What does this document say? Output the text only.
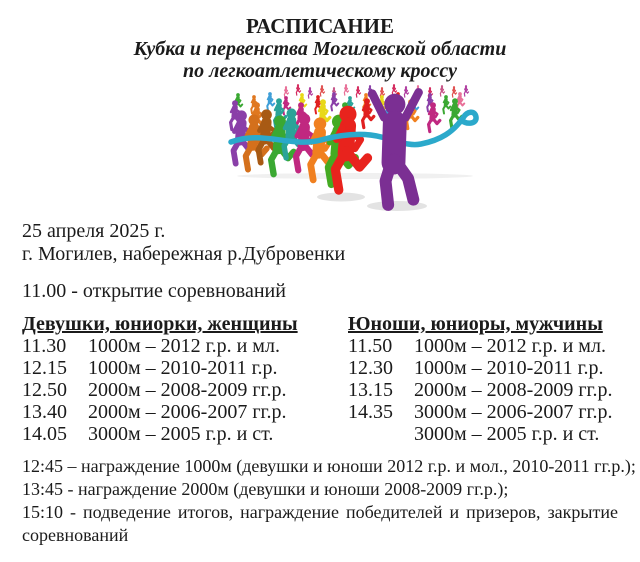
РАСПИСАНИЕ
Кубка и первенства Могилевской области
по легкоатлетическому кроссу
25 апреля 2025 г.
г. Могилев, набережная р.Дубровенки
11.00 - открытие соревнований
Девушки, юниорки, женщины
11.30	1000м – 2012 г.р. и мл.
12.15	1000м – 2010-2011 г.р.
12.50	2000м – 2008-2009 гг.р.
13.40	2000м – 2006-2007 гг.р.
14.05	3000м – 2005 г.р. и ст.
Юноши, юниоры, мужчины
11.50	1000м – 2012 г.р. и мл.
12.30	1000м – 2010-2011 г.р.
13.15	2000м – 2008-2009 гг.р.
14.35	3000м – 2006-2007 гг.р.
3000м – 2005 г.р. и ст.
12:45 – награждение 1000м (девушки и юноши 2012 г.р. и мол., 2010-2011 гг.р.);
13:45 - награждение 2000м (девушки и юноши 2008-2009 гг.р.);
15:10 - подведение итогов, награждение победителей и призеров, закрытие
соревнований
